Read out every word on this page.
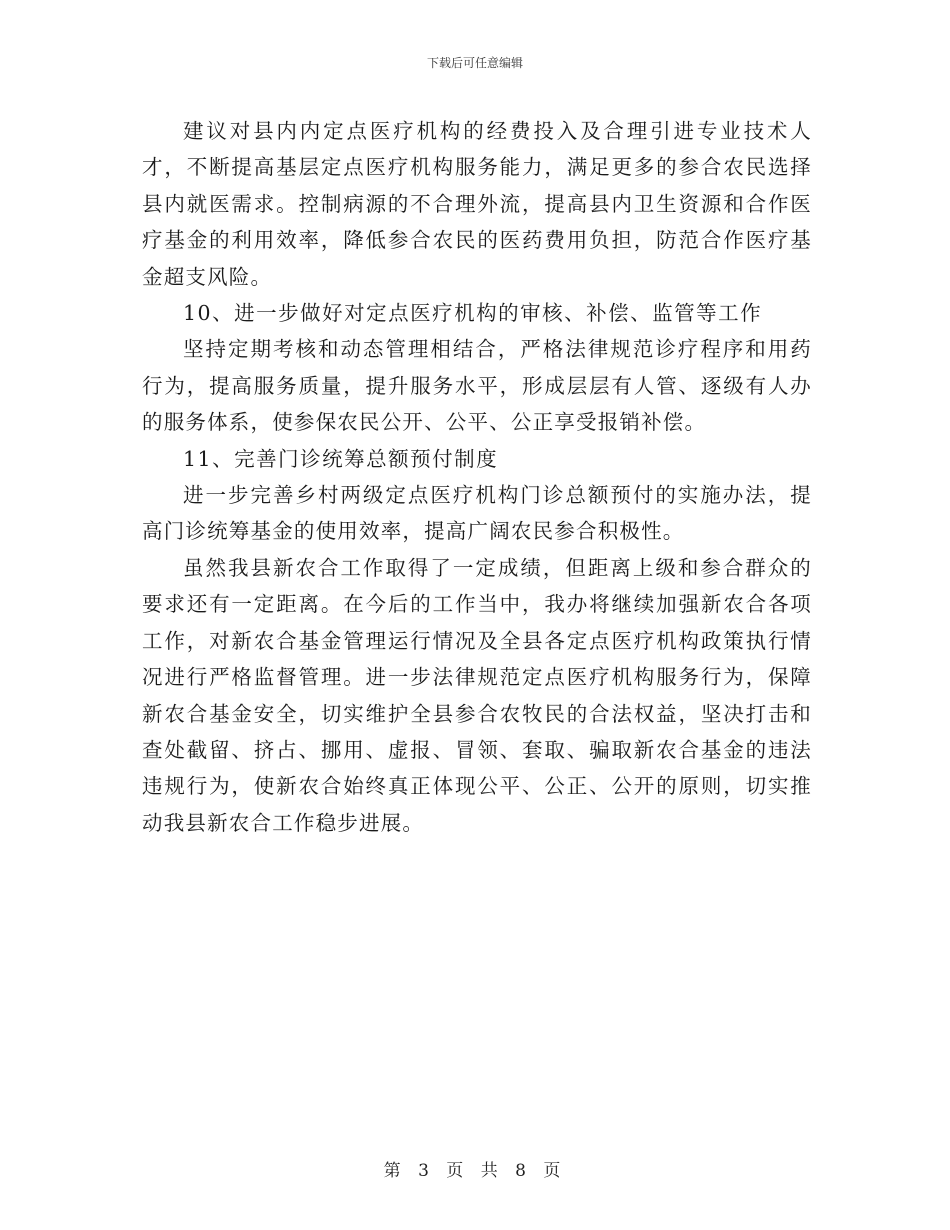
下载后可任意编辑

建议对县内内定点医疗机构的经费投入及合理引进专业技术人才，不断提高基层定点医疗机构服务能力，满足更多的参合农民选择县内就医需求。控制病源的不合理外流，提高县内卫生资源和合作医疗基金的利用效率，降低参合农民的医药费用负担，防范合作医疗基金超支风险。

10、进一步做好对定点医疗机构的审核、补偿、监管等工作

坚持定期考核和动态管理相结合，严格法律规范诊疗程序和用药行为，提高服务质量，提升服务水平，形成层层有人管、逐级有人办的服务体系，使参保农民公开、公平、公正享受报销补偿。

11、完善门诊统筹总额预付制度

进一步完善乡村两级定点医疗机构门诊总额预付的实施办法，提高门诊统筹基金的使用效率，提高广阔农民参合积极性。

虽然我县新农合工作取得了一定成绩，但距离上级和参合群众的要求还有一定距离。在今后的工作当中，我办将继续加强新农合各项工作，对新农合基金管理运行情况及全县各定点医疗机构政策执行情况进行严格监督管理。进一步法律规范定点医疗机构服务行为，保障新农合基金安全，切实维护全县参合农牧民的合法权益，坚决打击和查处截留、挤占、挪用、虚报、冒领、套取、骗取新农合基金的违法违规行为，使新农合始终真正体现公平、公正、公开的原则，切实推动我县新农合工作稳步进展。

第 3 页 共 8 页
